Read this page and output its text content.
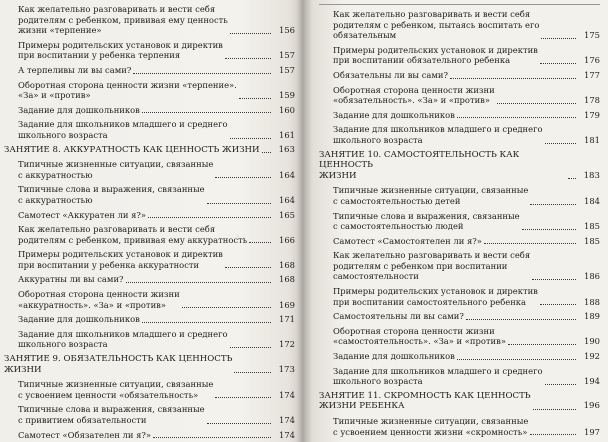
Как желательно разговаривать и вести себя
родителям с ребенком, прививая ему ценность
жизни «терпение»	156
Примеры родительских установок и директив
при воспитании у ребенка терпения	157
А терпеливы ли вы сами?	157
Оборотная сторона ценности жизни «терпение».
«За» и «против»	159
Задание для дошкольников	160
Задание для школьников младшего и среднего
школьного возраста	161
ЗАНЯТИЕ 8. АККУРАТНОСТЬ КАК ЦЕННОСТЬ ЖИЗНИ	163
Типичные жизненные ситуации, связанные
с аккуратностью	164
Типичные слова и выражения, связанные
с аккуратностью	164
Самотест «Аккуратен ли я?»	165
Как желательно разговаривать и вести себя
родителям с ребенком, прививая ему аккуратность	166
Примеры родительских установок и директив
при воспитании у ребенка аккуратности	168
Аккуратны ли вы сами?	168
Оборотная сторона ценности жизни
«аккуратность». «За» и «против»	169
Задание для дошкольников	171
Задание для школьников младшего и среднего
школьного возраста	172
ЗАНЯТИЕ 9. ОБЯЗАТЕЛЬНОСТЬ КАК ЦЕННОСТЬ
ЖИЗНИ	173
Типичные жизненные ситуации, связанные
с усвоением ценности «обязательность»	174
Типичные слова и выражения, связанные
с привитием обязательности	174
Самотест «Обязателен ли я?»	174
Как желательно разговаривать и вести себя
родителям с ребенком, пытаясь воспитать его
обязательным	175
Примеры родительских установок и директив
при воспитании обязательного ребенка	176
Обязательны ли вы сами?	177
Оборотная сторона ценности жизни
«обязательность». «За» и «против»	178
Задание для дошкольников	179
Задание для школьников младшего и среднего
школьного возраста	181
ЗАНЯТИЕ 10. САМОСТОЯТЕЛЬНОСТЬ КАК ЦЕННОСТЬ
ЖИЗНИ	183
Типичные жизненные ситуации, связанные
с самостоятельностью детей	184
Типичные слова и выражения, связанные
с самостоятельностью людей	185
Самотест «Самостоятелен ли я?»	185
Как желательно разговаривать и вести себя
родителям с ребенком при воспитании
самостоятельности	186
Примеры родительских установок и директив
при воспитании самостоятельного ребенка	188
Самостоятельны ли вы сами?	189
Оборотная сторона ценности жизни
«самостоятельность». «За» и «против»	190
Задание для дошкольников	192
Задание для школьников младшего и среднего
школьного возраста	194
ЗАНЯТИЕ 11. СКРОМНОСТЬ КАК ЦЕННОСТЬ
ЖИЗНИ РЕБЕНКА	196
Типичные жизненные ситуации, связанные
с усвоением ценности жизни «скромность»	197
